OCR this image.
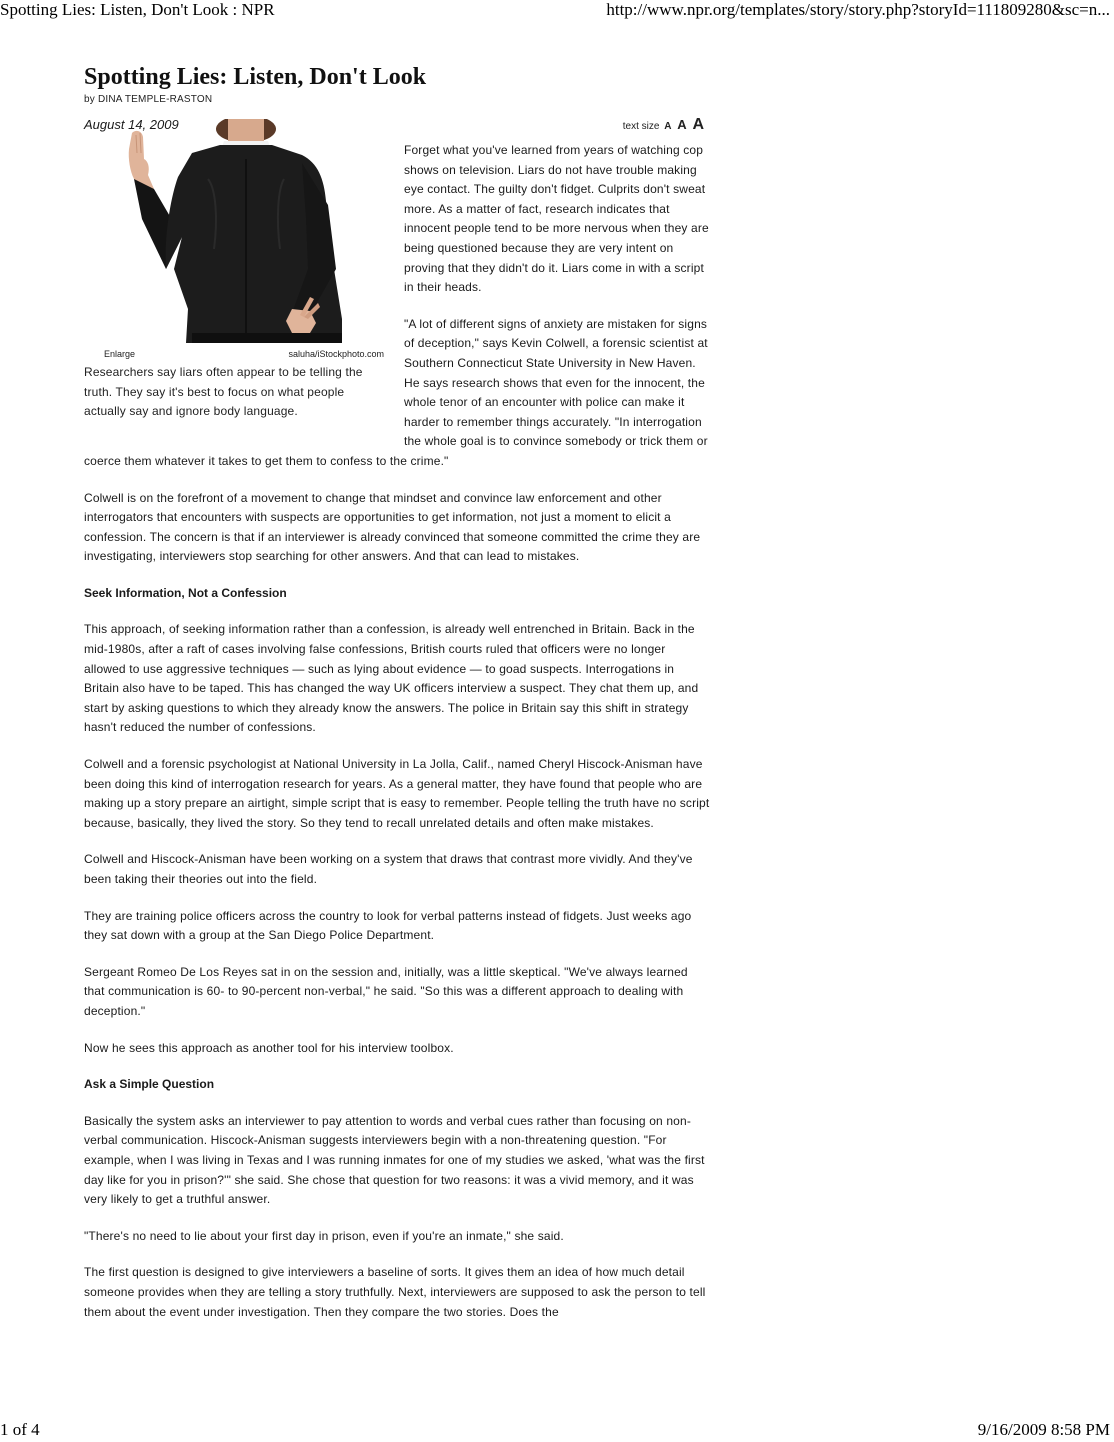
Spotting Lies: Listen, Don't Look : NPR	http://www.npr.org/templates/story/story.php?storyId=111809280&sc=n...
Spotting Lies: Listen, Don't Look
by DINA TEMPLE-RASTON
Enlarge	saluha/iStockphoto.com

Researchers say liars often appear to be telling the truth. They say it's best to focus on what people actually say and ignore body language.

August 14, 2009	text size A A A

Forget what you've learned from years of watching cop shows on television. Liars do not have trouble making eye contact. The guilty don't fidget. Culprits don't sweat more. As a matter of fact, research indicates that innocent people tend to be more nervous when they are being questioned because they are very intent on proving that they didn't do it. Liars come in with a script in their heads.

"A lot of different signs of anxiety are mistaken for signs of deception," says Kevin Colwell, a forensic scientist at Southern Connecticut State University in New Haven. He says research shows that even for the innocent, the whole tenor of an encounter with police can make it harder to remember things accurately. "In interrogation the whole goal is to convince somebody or trick them or coerce them whatever it takes to get them to confess to the crime."

Colwell is on the forefront of a movement to change that mindset and convince law enforcement and other interrogators that encounters with suspects are opportunities to get information, not just a moment to elicit a confession. The concern is that if an interviewer is already convinced that someone committed the crime they are investigating, interviewers stop searching for other answers. And that can lead to mistakes.

Seek Information, Not a Confession

This approach, of seeking information rather than a confession, is already well entrenched in Britain. Back in the mid-1980s, after a raft of cases involving false confessions, British courts ruled that officers were no longer allowed to use aggressive techniques — such as lying about evidence — to goad suspects. Interrogations in Britain also have to be taped. This has changed the way UK officers interview a suspect. They chat them up, and start by asking questions to which they already know the answers. The police in Britain say this shift in strategy hasn't reduced the number of confessions.

Colwell and a forensic psychologist at National University in La Jolla, Calif., named Cheryl Hiscock-Anisman have been doing this kind of interrogation research for years. As a general matter, they have found that people who are making up a story prepare an airtight, simple script that is easy to remember. People telling the truth have no script because, basically, they lived the story. So they tend to recall unrelated details and often make mistakes.

Colwell and Hiscock-Anisman have been working on a system that draws that contrast more vividly. And they've been taking their theories out into the field.

They are training police officers across the country to look for verbal patterns instead of fidgets. Just weeks ago they sat down with a group at the San Diego Police Department.

Sergeant Romeo De Los Reyes sat in on the session and, initially, was a little skeptical. "We've always learned that communication is 60- to 90-percent non-verbal," he said. "So this was a different approach to dealing with deception."

Now he sees this approach as another tool for his interview toolbox.

Ask a Simple Question

Basically the system asks an interviewer to pay attention to words and verbal cues rather than focusing on non-verbal communication. Hiscock-Anisman suggests interviewers begin with a non-threatening question. "For example, when I was living in Texas and I was running inmates for one of my studies we asked, 'what was the first day like for you in prison?'" she said. She chose that question for two reasons: it was a vivid memory, and it was very likely to get a truthful answer.

"There's no need to lie about your first day in prison, even if you're an inmate," she said.

The first question is designed to give interviewers a baseline of sorts. It gives them an idea of how much detail someone provides when they are telling a story truthfully. Next, interviewers are supposed to ask the person to tell them about the event under investigation. Then they compare the two stories. Does the

1 of 4	9/16/2009 8:58 PM
